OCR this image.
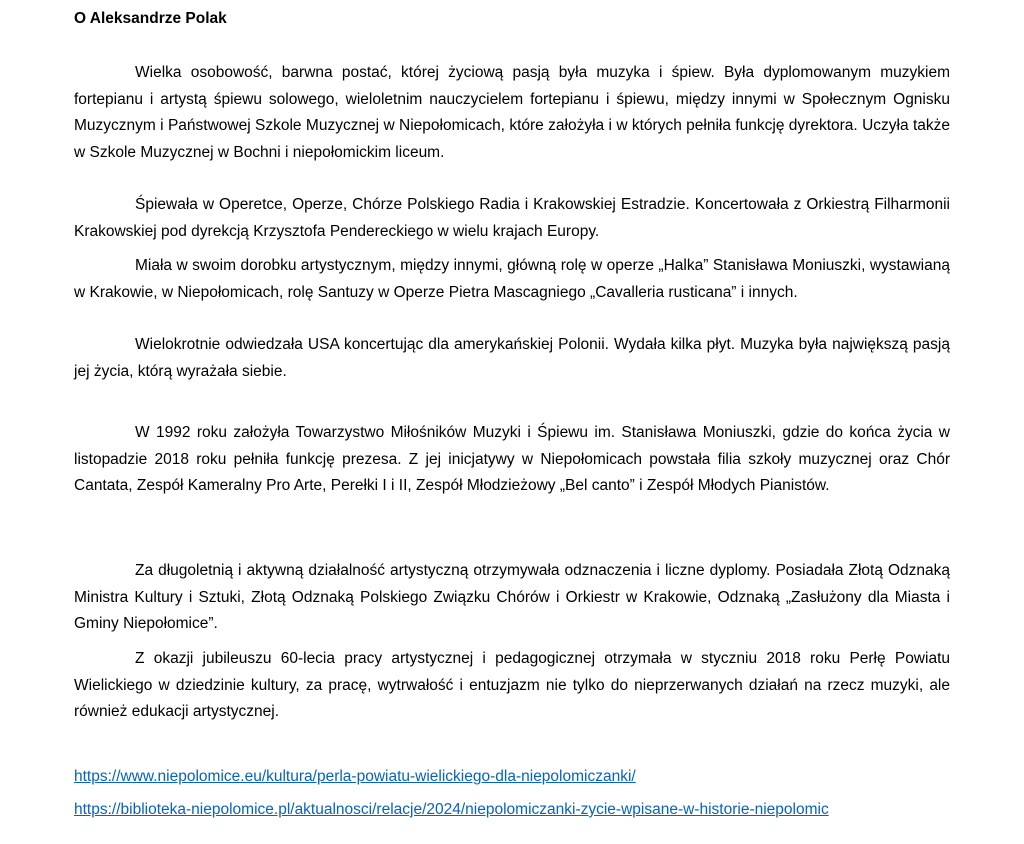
O Aleksandrze Polak

Wielka osobowość, barwna postać, której życiową pasją była muzyka i śpiew. Była dyplomowanym muzykiem fortepianu i artystą śpiewu solowego, wieloletnim nauczycielem fortepianu i śpiewu, między innymi w Społecznym Ognisku Muzycznym i Państwowej Szkole Muzycznej w Niepołomicach, które założyła i w których pełniła funkcję dyrektora. Uczyła także w Szkole Muzycznej w Bochni i niepołomickim liceum.

Śpiewała w Operetce, Operze, Chórze Polskiego Radia i Krakowskiej Estradzie. Koncertowała z Orkiestrą Filharmonii Krakowskiej pod dyrekcją Krzysztofa Pendereckiego w wielu krajach Europy.

Miała w swoim dorobku artystycznym, między innymi, główną rolę w operze „Halka” Stanisława Moniuszki, wystawianą w Krakowie, w Niepołomicach, rolę Santuzy w Operze Pietra Mascagniego „Cavalleria rusticana” i innych.

Wielokrotnie odwiedzała USA koncertując dla amerykańskiej Polonii. Wydała kilka płyt. Muzyka była największą pasją jej życia, którą wyrażała siebie.

W 1992 roku założyła Towarzystwo Miłośników Muzyki i Śpiewu im. Stanisława Moniuszki, gdzie do końca życia w listopadzie 2018 roku pełniła funkcję prezesa. Z jej inicjatywy w Niepołomicach powstała filia szkoły muzycznej oraz Chór Cantata, Zespół Kameralny Pro Arte, Perełki I i II, Zespół Młodzieżowy „Bel canto” i Zespół Młodych Pianistów.

Za długoletnią i aktywną działalność artystyczną otrzymywała odznaczenia i liczne dyplomy. Posiadała Złotą Odznaką Ministra Kultury i Sztuki, Złotą Odznaką Polskiego Związku Chórów i Orkiestr w Krakowie, Odznaką „Zasłużony dla Miasta i Gminy Niepołomice”.

Z okazji jubileuszu 60-lecia pracy artystycznej i pedagogicznej otrzymała w styczniu 2018 roku Perłę Powiatu Wielickiego w dziedzinie kultury, za pracę, wytrwałość i entuzjazm nie tylko do nieprzerwanych działań na rzecz muzyki, ale również edukacji artystycznej.

https://www.niepolomice.eu/kultura/perla-powiatu-wielickiego-dla-niepolomiczanki/
https://biblioteka-niepolomice.pl/aktualnosci/relacje/2024/niepolomiczanki-zycie-wpisane-w-historie-niepolomic
